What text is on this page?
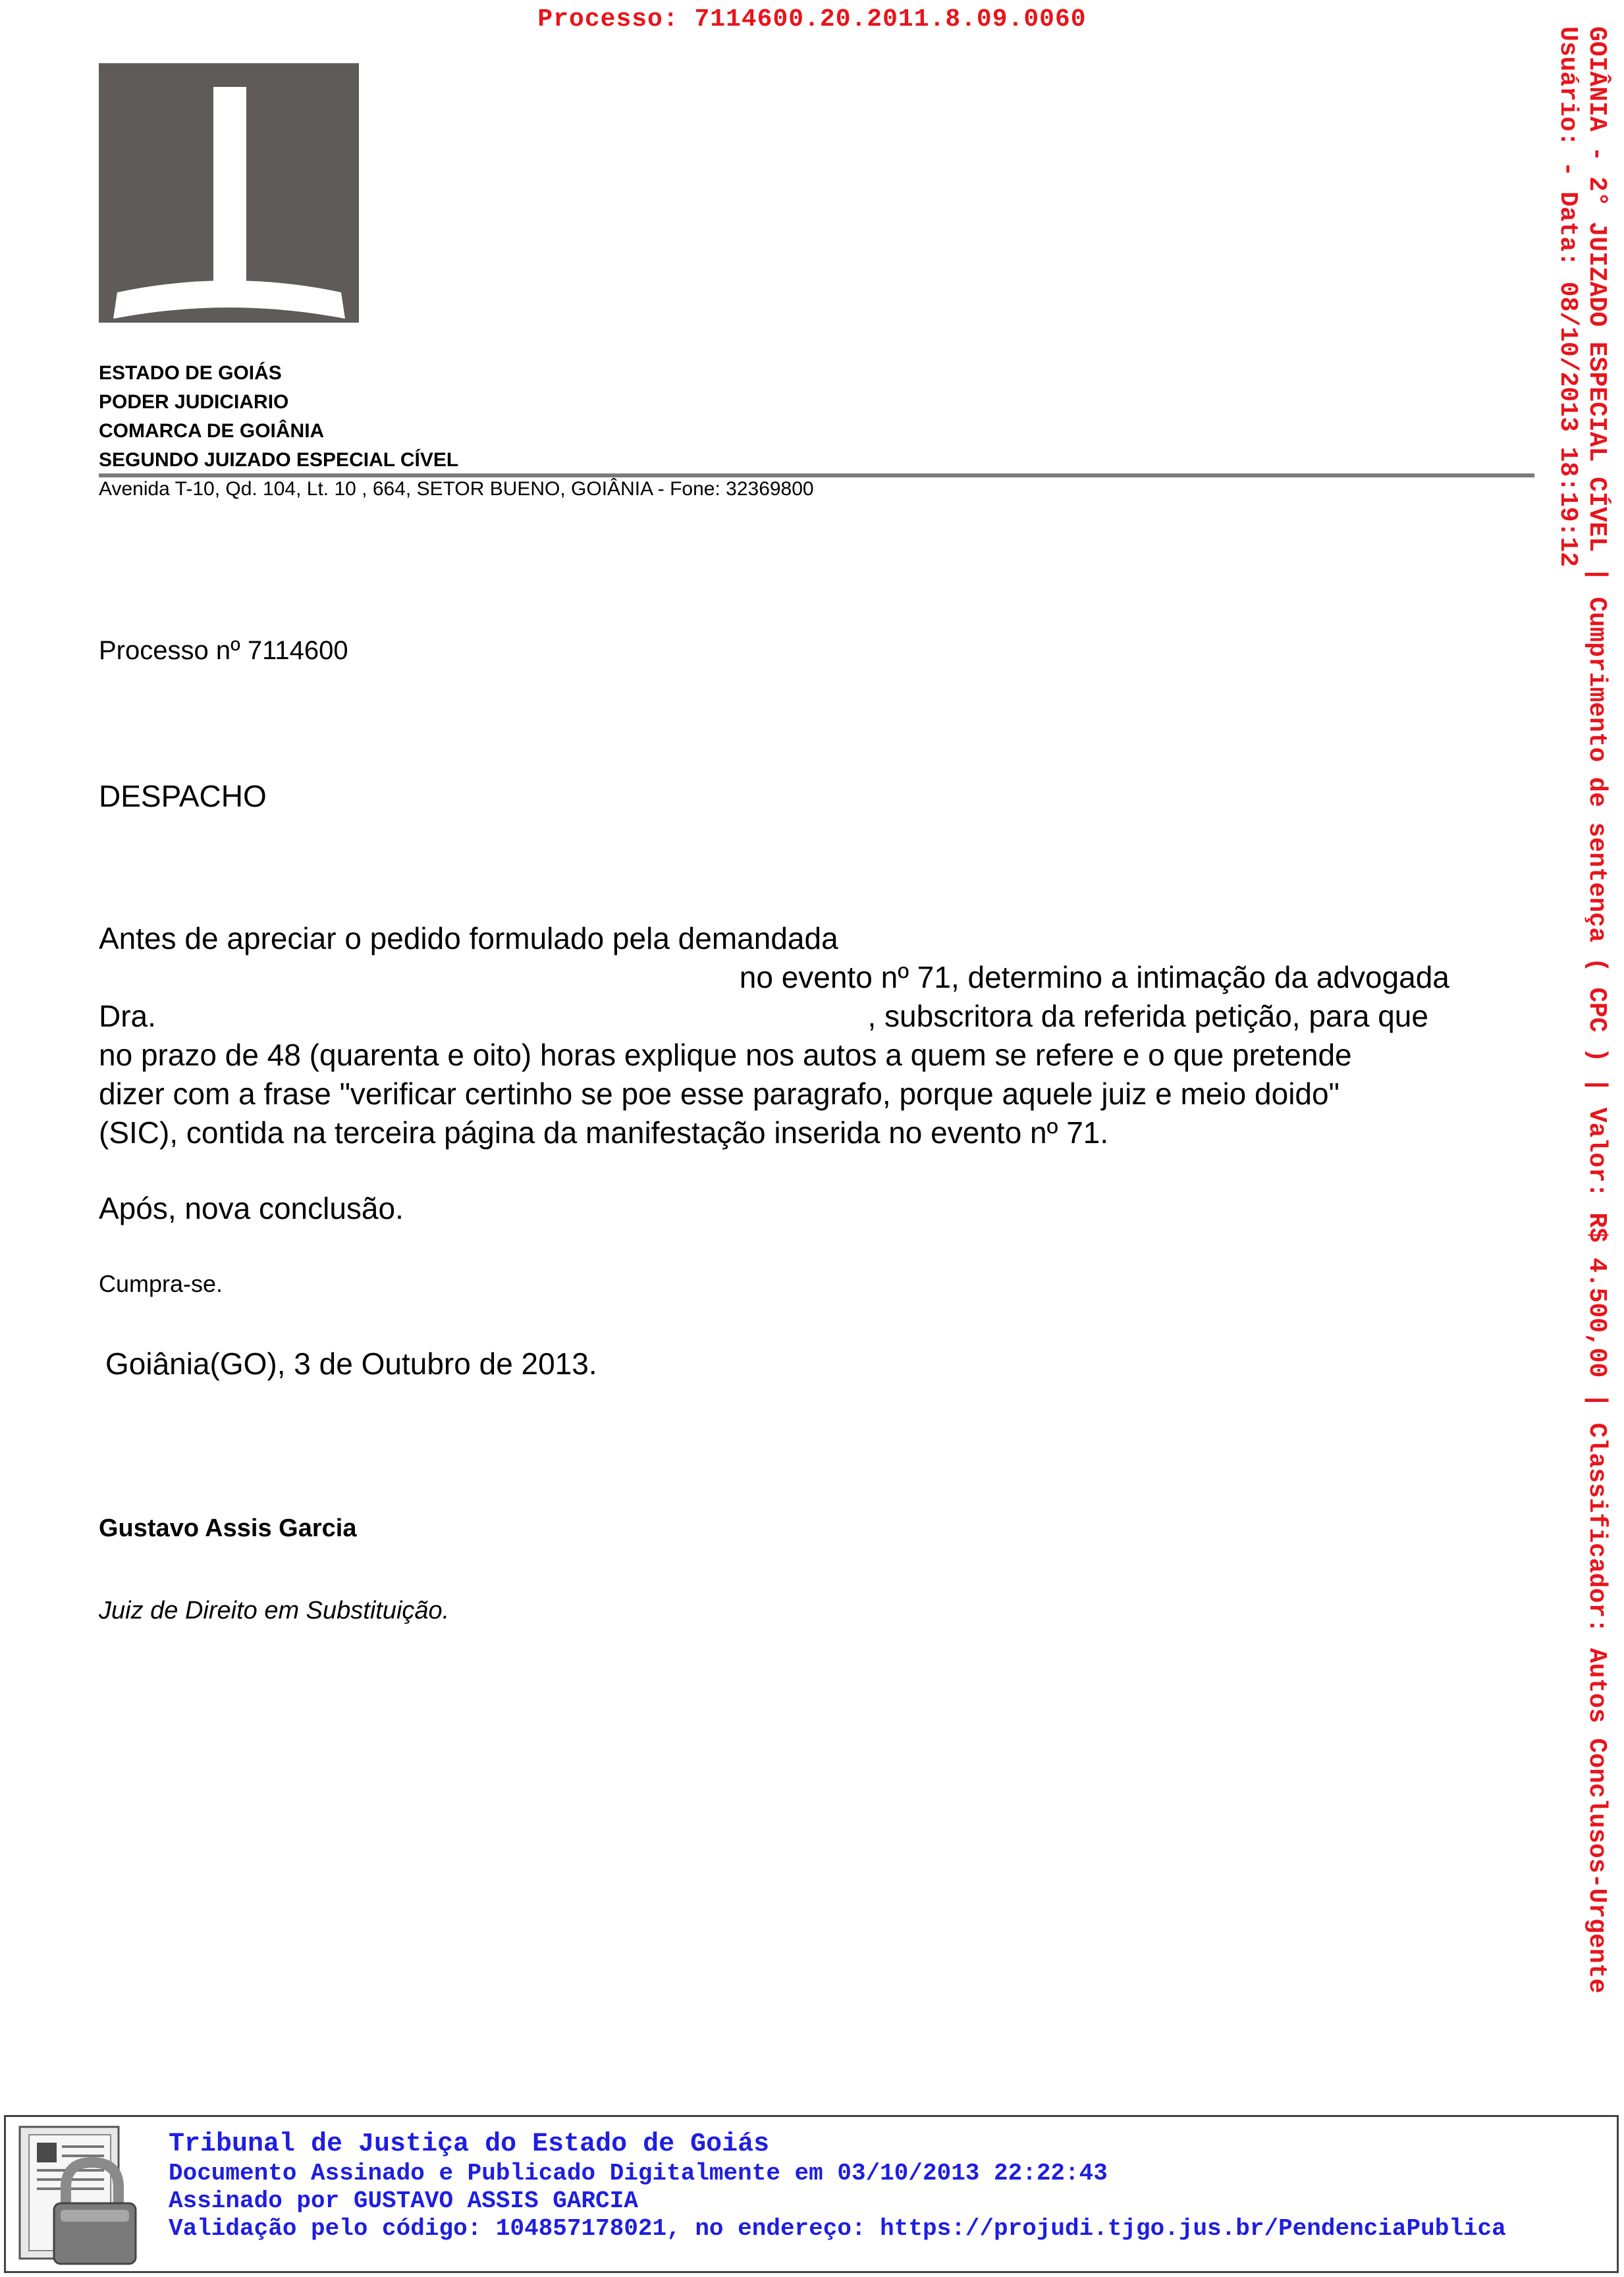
Processo: 7114600.20.2011.8.09.0060

ESTADO DE GOIÁS

PODER JUDICIARIO

COMARCA DE GOIÂNIA

SEGUNDO JUIZADO ESPECIAL CÍVEL

Avenida T-10, Qd. 104, Lt. 10 , 664, SETOR BUENO, GOIÂNIA - Fone: 32369800
Processo nº 7114600
DESPACHO

Antes de apreciar o pedido formulado pela demandada

no evento nº 71, determino a intimação da advogada

Dra.	, subscritora da referida petição, para que

no prazo de 48 (quarenta e oito) horas explique nos autos a quem se refere e o que pretende

dizer com a frase "verificar certinho se poe esse paragrafo, porque aquele juiz e meio doido"

(SIC), contida na terceira página da manifestação inserida no evento nº 71.

Após, nova conclusão.
Cumpra-se.
Goiânia(GO), 3 de Outubro de 2013.
Gustavo Assis Garcia
Juiz de Direito em Substituição.	GOIÂNIA - 2° JUIZADO ESPECIAL CÍVEL | Cumprimento de sentença ( CPC ) | Valor: R$ 4.500,00 | Classificador: Autos Conclusos-Urgente
Usuário: - Data: 08/10/2013 18:19:12

Tribunal de Justiça do Estado de Goiás

Documento Assinado e Publicado Digitalmente em 03/10/2013 22:22:43

Assinado por GUSTAVO ASSIS GARCIA

Validação pelo código: 104857178021, no endereço: https://projudi.tjgo.jus.br/PendenciaPublica
